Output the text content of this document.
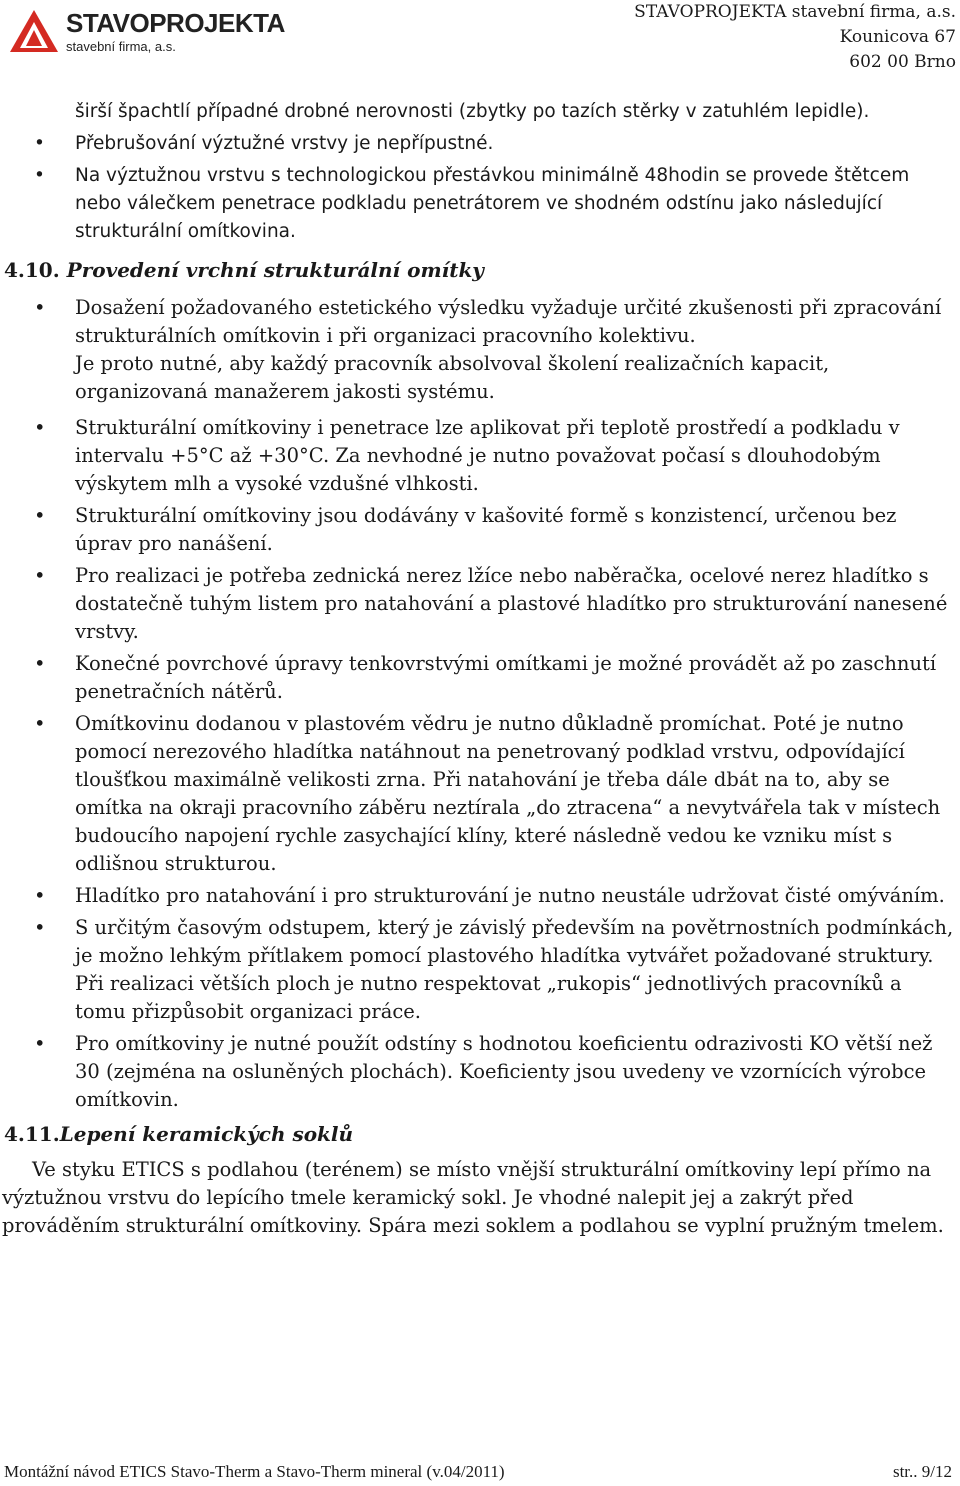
STAVOPROJEKTA
stavební firma, a.s.
STAVOPROJEKTA stavební firma, a.s.
Kounicova 67
602 00 Brno
širší špachtlí případné drobné nerovnosti (zbytky po tazích stěrky v zatuhlém lepidle).
• Přebrušování výztužné vrstvy je nepřípustné.
• Na výztužnou vrstvu s technologickou přestávkou minimálně 48hodin se provede štětcem nebo válečkem penetrace podkladu penetrátorem ve shodném odstínu jako následující strukturální omítkovina.
4.10. Provedení vrchní strukturální omítky
• Dosažení požadovaného estetického výsledku vyžaduje určité zkušenosti při zpracování strukturálních omítkovin i při organizaci pracovního kolektivu.
Je proto nutné, aby každý pracovník absolvoval školení realizačních kapacit, organizovaná manažerem jakosti systému.
• Strukturální omítkoviny i penetrace lze aplikovat při teplotě prostředí a podkladu v intervalu +5°C až +30°C. Za nevhodné je nutno považovat počasí s dlouhodobým výskytem mlh a vysoké vzdušné vlhkosti.
• Strukturální omítkoviny jsou dodávány v kašovité formě s konzistencí, určenou bez úprav pro nanášení.
• Pro realizaci je potřeba zednická nerez lžíce nebo naběračka, ocelové nerez hladítko s dostatečně tuhým listem pro natahování a plastové hladítko pro strukturování nanesené vrstvy.
• Konečné povrchové úpravy tenkovrstvými omítkami je možné provádět až po zaschnutí penetračních nátěrů.
• Omítkovinu dodanou v plastovém vědru je nutno důkladně promíchat. Poté je nutno pomocí nerezového hladítka natáhnout na penetrovaný podklad vrstvu, odpovídající tloušťkou maximálně velikosti zrna. Při natahování je třeba dále dbát na to, aby se omítka na okraji pracovního záběru neztírala „do ztracena“ a nevytvářela tak v místech budoucího napojení rychle zasychající klíny, které následně vedou ke vzniku míst s odlišnou strukturou.
• Hladítko pro natahování i pro strukturování je nutno neustále udržovat čisté omýváním.
• S určitým časovým odstupem, který je závislý především na povětrnostních podmínkách, je možno lehkým přítlakem pomocí plastového hladítka vytvářet požadované struktury. Při realizaci větších ploch je nutno respektovat „rukopis“ jednotlivých pracovníků a tomu přizpůsobit organizaci práce.
• Pro omítkoviny je nutné použít odstíny s hodnotou koeficientu odrazivosti KO větší než 30 (zejména na osluněných plochách). Koeficienty jsou uvedeny ve vzornících výrobce omítkovin.
4.11.Lepení keramických soklů
Ve styku ETICS s podlahou (terénem) se místo vnější strukturální omítkoviny lepí přímo na výztužnou vrstvu do lepícího tmele keramický sokl. Je vhodné nalepit jej a zakrýt před prováděním strukturální omítkoviny. Spára mezi soklem a podlahou se vyplní pružným tmelem.
Montážní návod ETICS Stavo-Therm a Stavo-Therm mineral (v.04/2011)	str.. 9/12
